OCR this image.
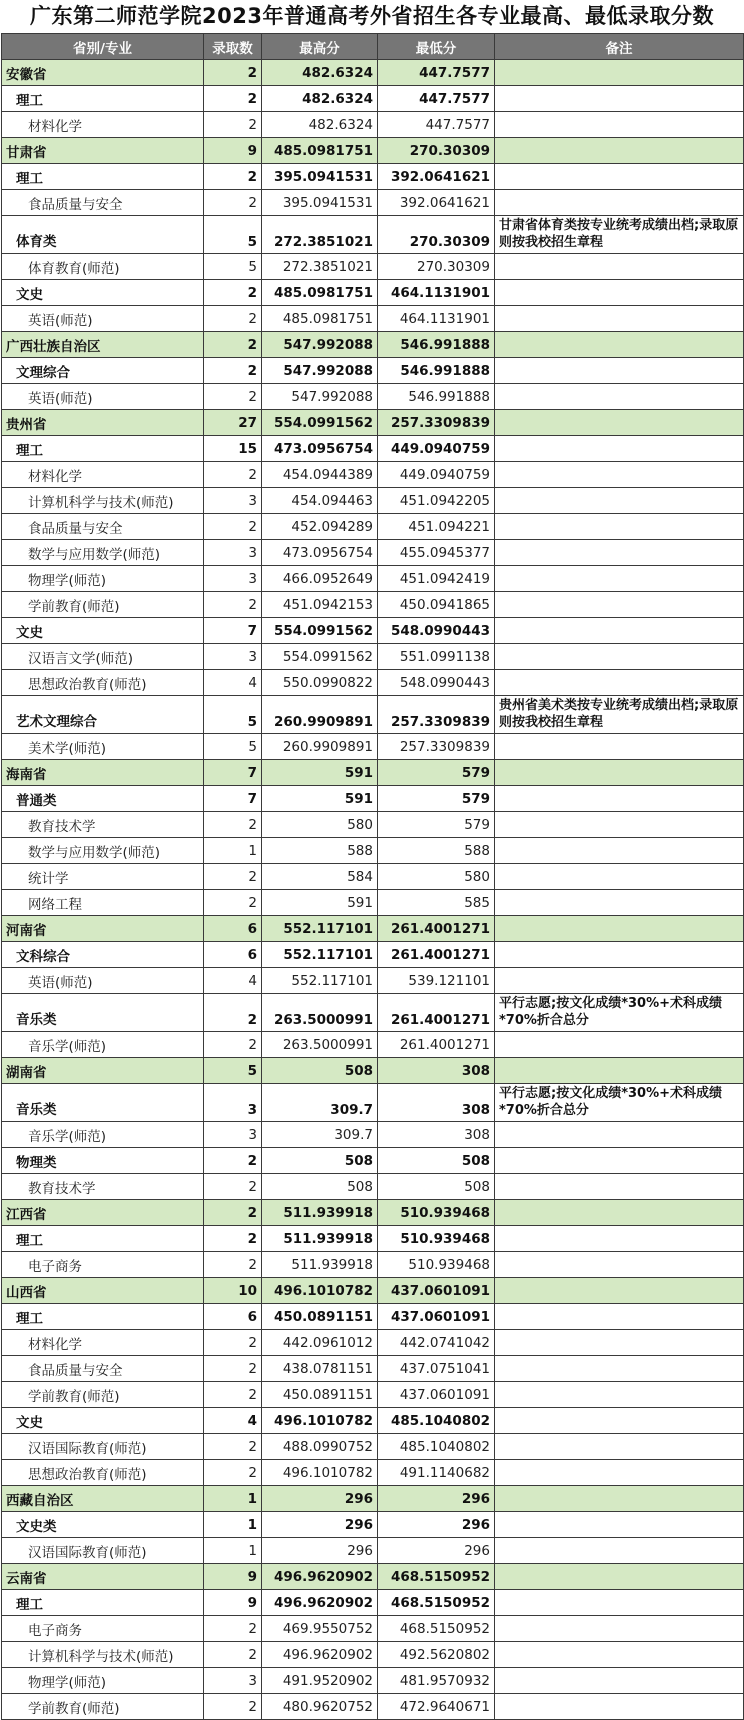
广东第二师范学院2023年普通高考外省招生各专业最高、最低录取分数
省别/专业	录取数	最高分	最低分	备注
安徽省	2	482.6324	447.7577	
理工	2	482.6324	447.7577	
材料化学	2	482.6324	447.7577	
甘肃省	9	485.0981751	270.30309	
理工	2	395.0941531	392.0641621	
食品质量与安全	2	395.0941531	392.0641621	
体育类	5	272.3851021	270.30309	甘肃省体育类按专业统考成绩出档;录取原则按我校招生章程
体育教育(师范)	5	272.3851021	270.30309	
文史	2	485.0981751	464.1131901	
英语(师范)	2	485.0981751	464.1131901	
广西壮族自治区	2	547.992088	546.991888	
文理综合	2	547.992088	546.991888	
英语(师范)	2	547.992088	546.991888	
贵州省	27	554.0991562	257.3309839	
理工	15	473.0956754	449.0940759	
材料化学	2	454.0944389	449.0940759	
计算机科学与技术(师范)	3	454.094463	451.0942205	
食品质量与安全	2	452.094289	451.094221	
数学与应用数学(师范)	3	473.0956754	455.0945377	
物理学(师范)	3	466.0952649	451.0942419	
学前教育(师范)	2	451.0942153	450.0941865	
文史	7	554.0991562	548.0990443	
汉语言文学(师范)	3	554.0991562	551.0991138	
思想政治教育(师范)	4	550.0990822	548.0990443	
艺术文理综合	5	260.9909891	257.3309839	贵州省美术类按专业统考成绩出档;录取原则按我校招生章程
美术学(师范)	5	260.9909891	257.3309839	
海南省	7	591	579	
普通类	7	591	579	
教育技术学	2	580	579	
数学与应用数学(师范)	1	588	588	
统计学	2	584	580	
网络工程	2	591	585	
河南省	6	552.117101	261.4001271	
文科综合	6	552.117101	261.4001271	
英语(师范)	4	552.117101	539.121101	
音乐类	2	263.5000991	261.4001271	平行志愿;按文化成绩*30%+术科成绩*70%折合总分
音乐学(师范)	2	263.5000991	261.4001271	
湖南省	5	508	308	
音乐类	3	309.7	308	平行志愿;按文化成绩*30%+术科成绩*70%折合总分
音乐学(师范)	3	309.7	308	
物理类	2	508	508	
教育技术学	2	508	508	
江西省	2	511.939918	510.939468	
理工	2	511.939918	510.939468	
电子商务	2	511.939918	510.939468	
山西省	10	496.1010782	437.0601091	
理工	6	450.0891151	437.0601091	
材料化学	2	442.0961012	442.0741042	
食品质量与安全	2	438.0781151	437.0751041	
学前教育(师范)	2	450.0891151	437.0601091	
文史	4	496.1010782	485.1040802	
汉语国际教育(师范)	2	488.0990752	485.1040802	
思想政治教育(师范)	2	496.1010782	491.1140682	
西藏自治区	1	296	296	
文史类	1	296	296	
汉语国际教育(师范)	1	296	296	
云南省	9	496.9620902	468.5150952	
理工	9	496.9620902	468.5150952	
电子商务	2	469.9550752	468.5150952	
计算机科学与技术(师范)	2	496.9620902	492.5620802	
物理学(师范)	3	491.9520902	481.9570932	
学前教育(师范)	2	480.9620752	472.9640671	
